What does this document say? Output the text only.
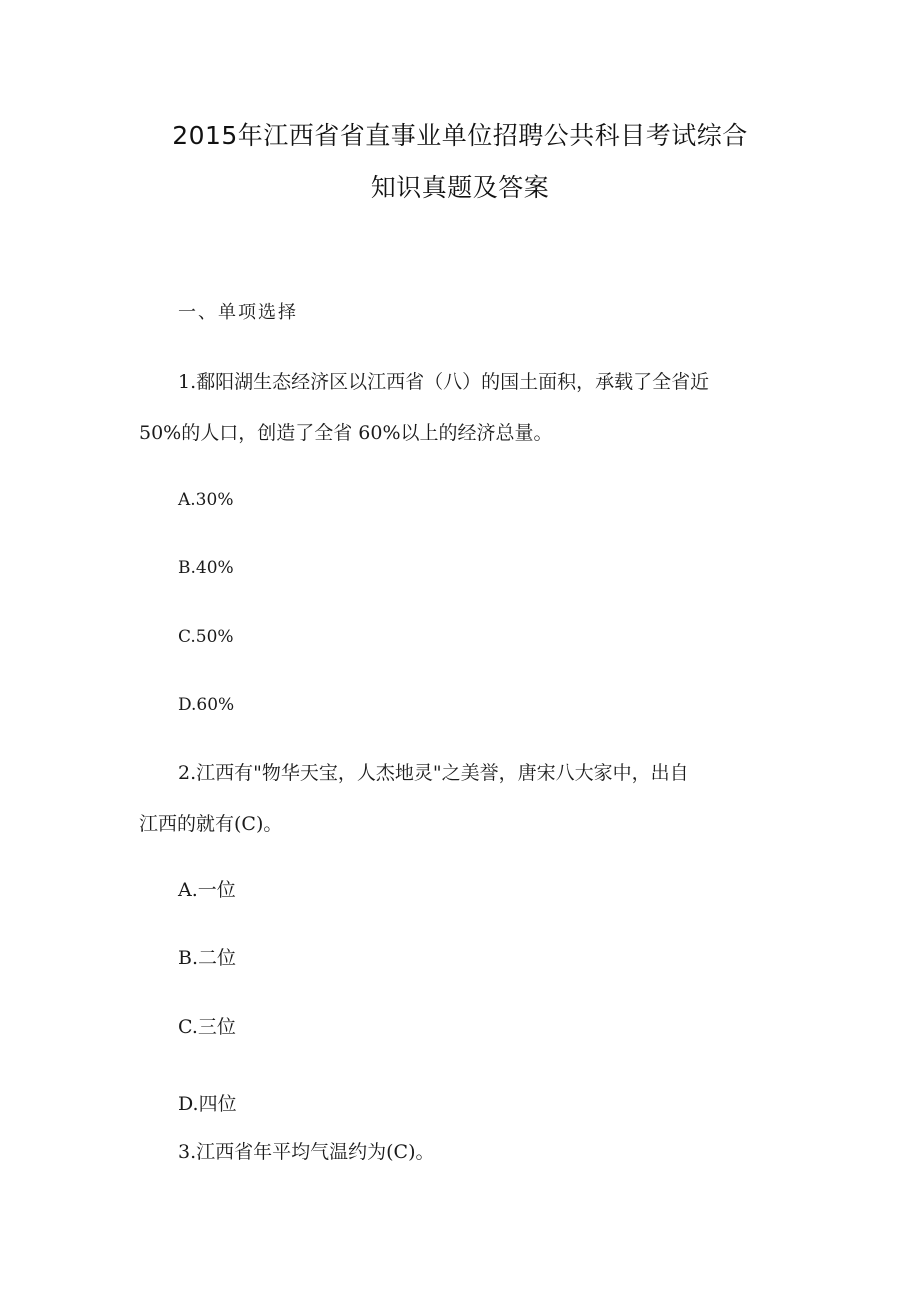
2015年江西省省直事业单位招聘公共科目考试综合
知识真题及答案
一、单项选择
1.鄱阳湖生态经济区以江西省（八）的国土面积，承载了全省近
50%的人口，创造了全省 60%以上的经济总量。
A.30%
B.40%
C.50%
D.60%
2.江西有"物华天宝，人杰地灵"之美誉，唐宋八大家中，出自
江西的就有(C)。
A.一位
B.二位
C.三位
D.四位
3.江西省年平均气温约为(C)。
